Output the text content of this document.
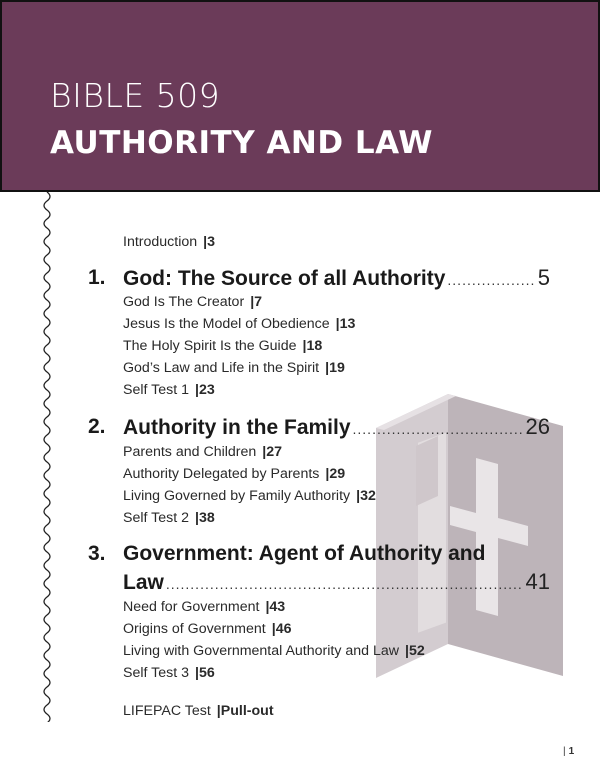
BIBLE 509
AUTHORITY AND LAW
Introduction |3
1. God: The Source of all Authority .....	5
God Is The Creator |7
Jesus Is the Model of Obedience |13
The Holy Spirit Is the Guide |18
God’s Law and Life in the Spirit |19
Self Test 1 |23
2. Authority in the Family .....	26
Parents and Children |27
Authority Delegated by Parents |29
Living Governed by Family Authority |32
Self Test 2 |38
3. Government: Agent of Authority and
Law .....	41
Need for Government |43
Origins of Government |46
Living with Governmental Authority and Law |52
Self Test 3 |56
LIFEPAC Test |Pull-out
| 1
